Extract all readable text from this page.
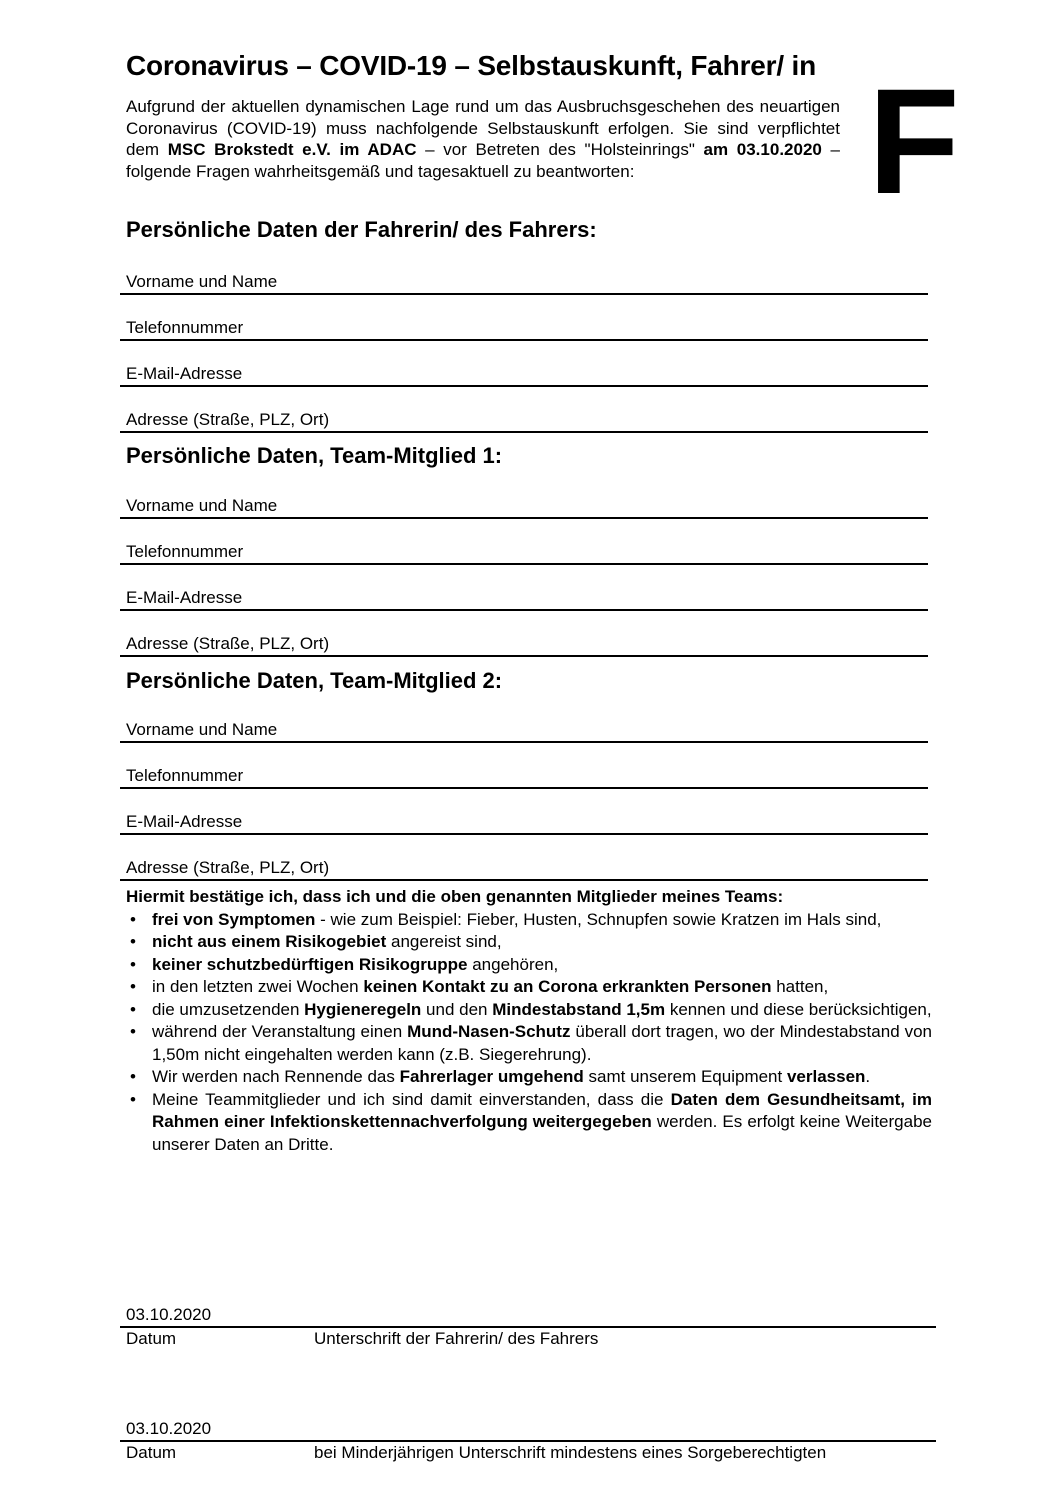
Coronavirus – COVID-19 – Selbstauskunft, Fahrer/ in F
Aufgrund der aktuellen dynamischen Lage rund um das Ausbruchsgeschehen des neuartigen Coronavirus (COVID-19) muss nachfolgende Selbstauskunft erfolgen. Sie sind verpflichtet dem MSC Brokstedt e.V. im ADAC – vor Betreten des "Holsteinrings" am 03.10.2020 – folgende Fragen wahrheitsgemäß und tagesaktuell zu beantworten:
Persönliche Daten der Fahrerin/ des Fahrers:
Vorname und Name
Telefonnummer
E-Mail-Adresse
Adresse (Straße, PLZ, Ort)
Persönliche Daten, Team-Mitglied 1:
Vorname und Name
Telefonnummer
E-Mail-Adresse
Adresse (Straße, PLZ, Ort)
Persönliche Daten, Team-Mitglied 2:
Vorname und Name
Telefonnummer
E-Mail-Adresse
Adresse (Straße, PLZ, Ort)
Hiermit bestätige ich, dass ich und die oben genannten Mitglieder meines Teams:
• frei von Symptomen - wie zum Beispiel: Fieber, Husten, Schnupfen sowie Kratzen im Hals sind,
• nicht aus einem Risikogebiet angereist sind,
• keiner schutzbedürftigen Risikogruppe angehören,
• in den letzten zwei Wochen keinen Kontakt zu an Corona erkrankten Personen hatten,
• die umzusetzenden Hygieneregeln und den Mindestabstand 1,5m kennen und diese berücksichtigen,
• während der Veranstaltung einen Mund-Nasen-Schutz überall dort tragen, wo der Mindestabstand von 1,50m nicht eingehalten werden kann (z.B. Siegerehrung).
• Wir werden nach Rennende das Fahrerlager umgehend samt unserem Equipment verlassen.
• Meine Teammitglieder und ich sind damit einverstanden, dass die Daten dem Gesundheitsamt, im Rahmen einer Infektionskettennachverfolgung weitergegeben werden. Es erfolgt keine Weitergabe unserer Daten an Dritte.
03.10.2020
Datum	Unterschrift der Fahrerin/ des Fahrers
03.10.2020
Datum	bei Minderjährigen Unterschrift mindestens eines Sorgeberechtigten
